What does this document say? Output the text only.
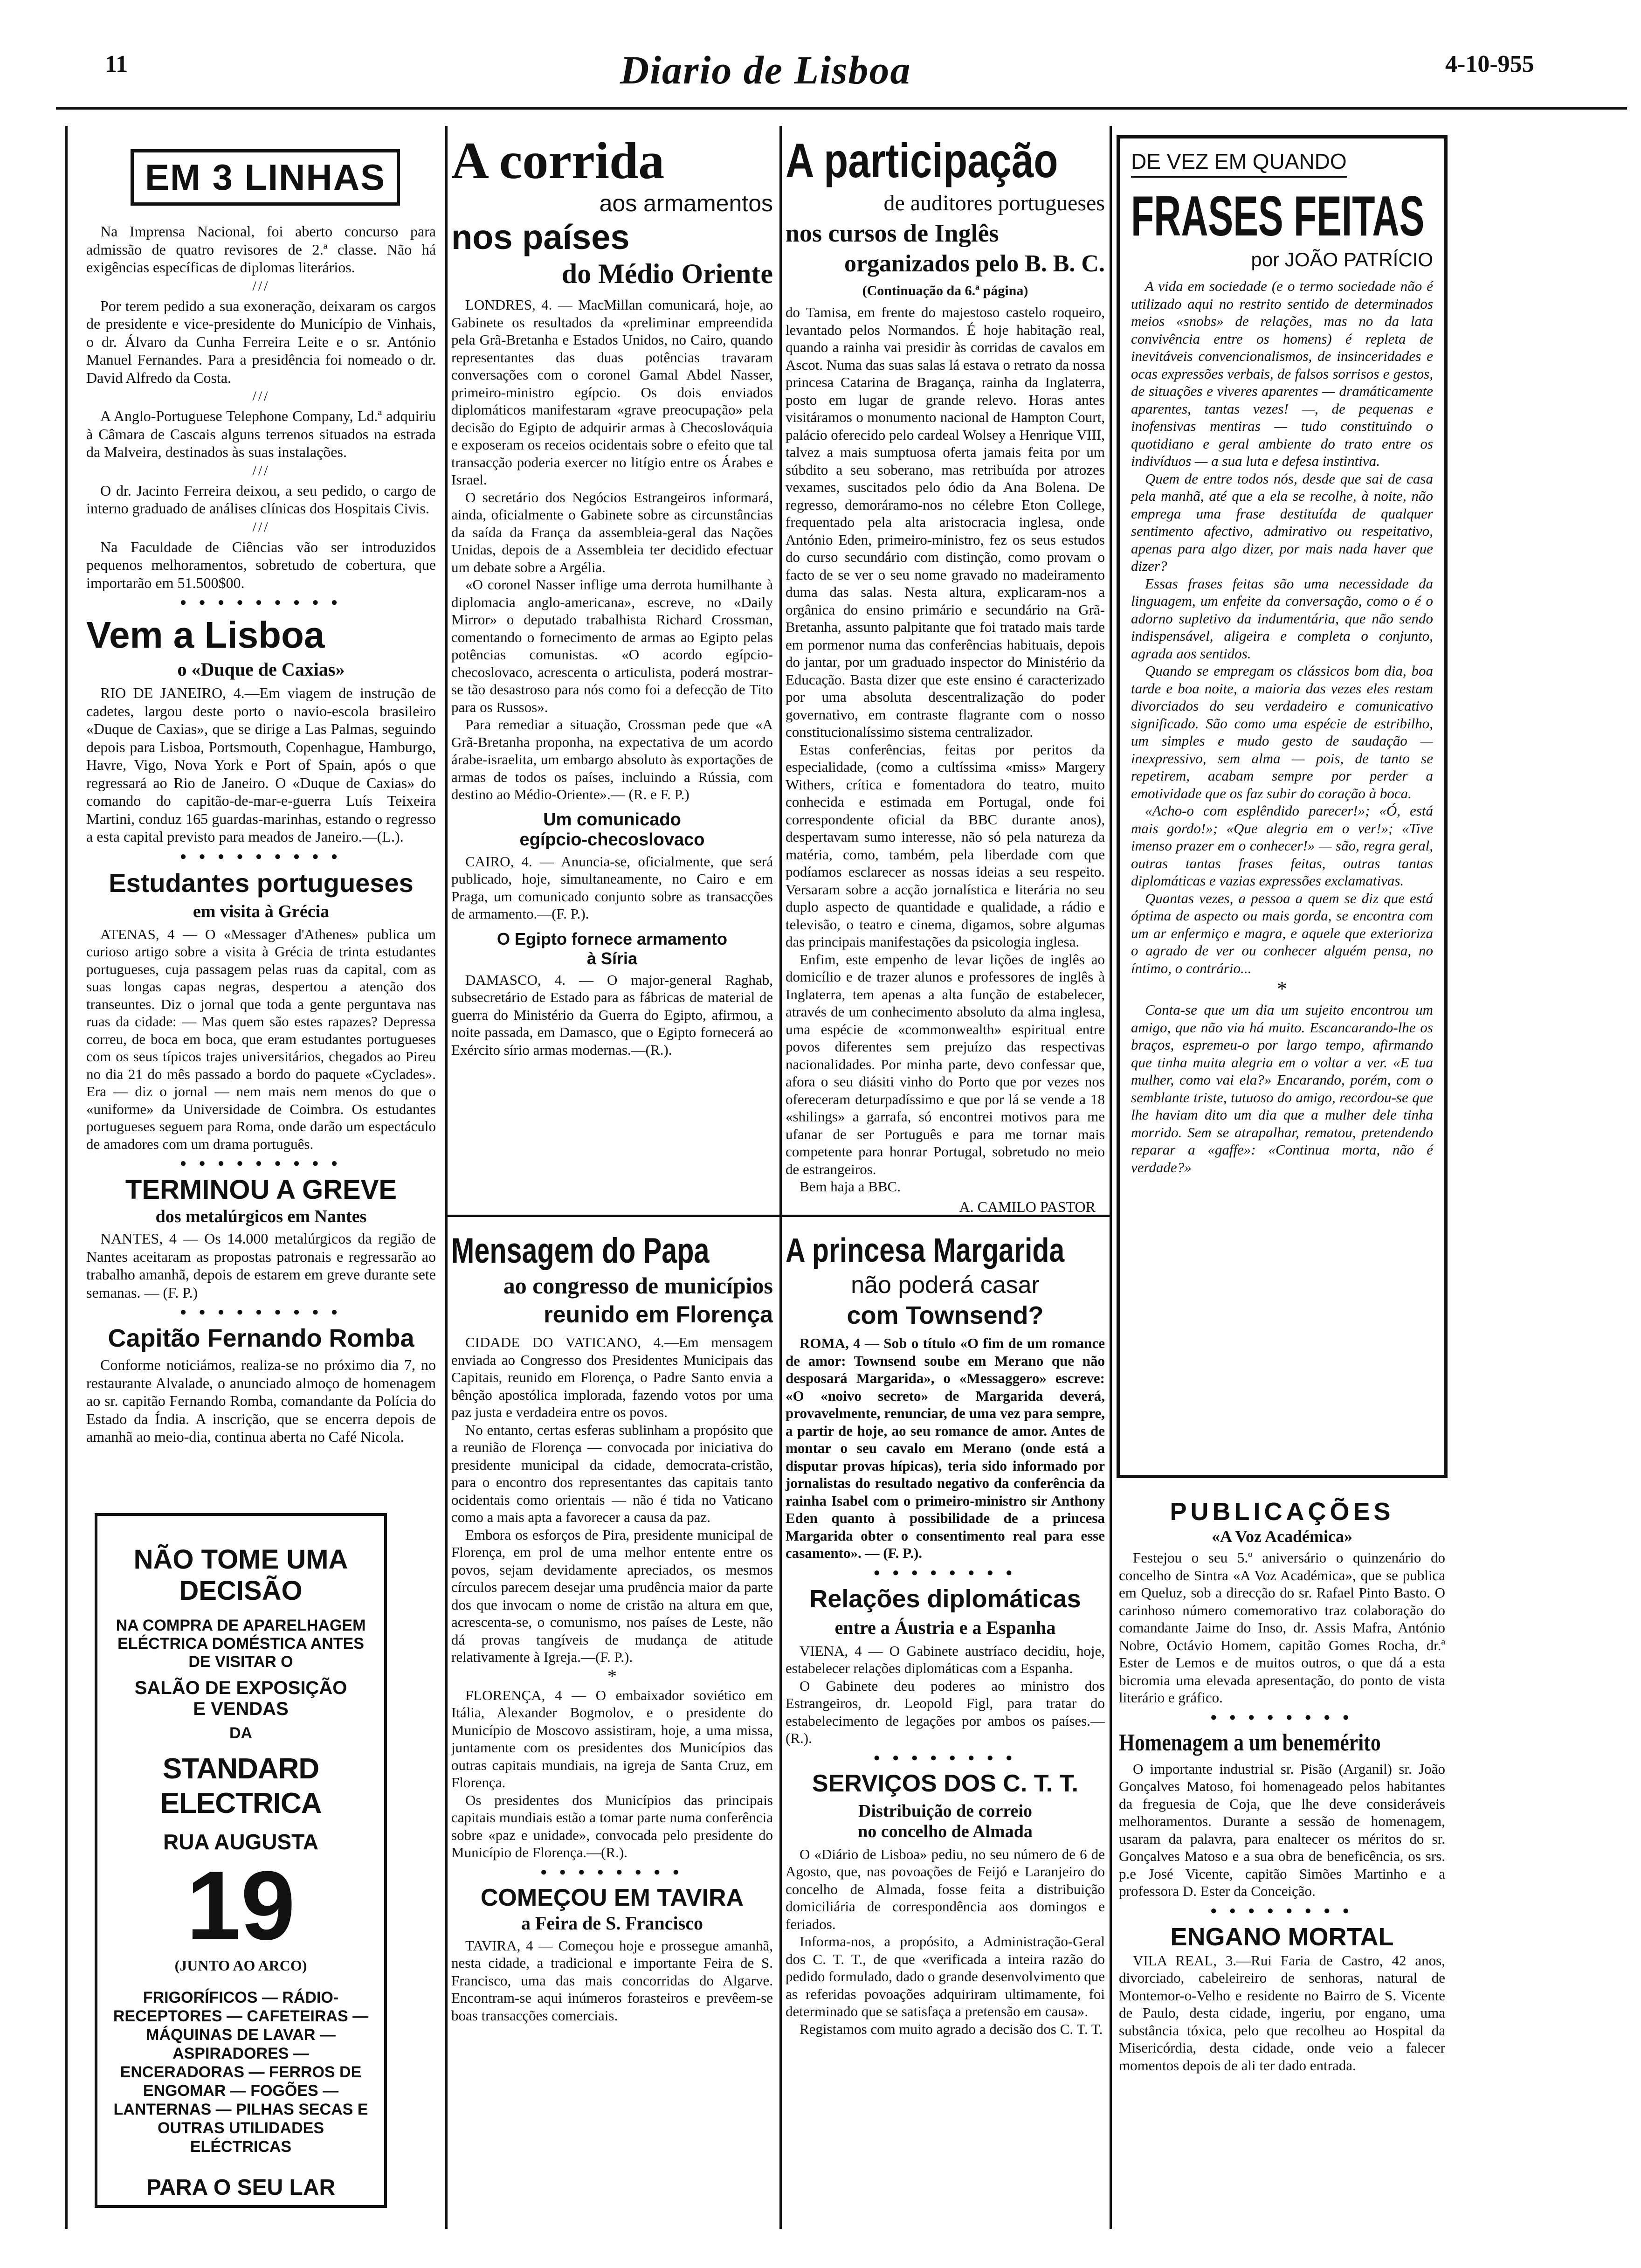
11	Diario de Lisboa	4-10-955
EM 3 LINHAS

Na Imprensa Nacional, foi aberto concurso para admissão de quatro revisores de 2.ª classe. Não há exigências específicas de diplomas literários.

///

Por terem pedido a sua exoneração, deixaram os cargos de presidente e vice-presidente do Município de Vinhais, o dr. Álvaro da Cunha Ferreira Leite e o sr. António Manuel Fernandes. Para a presidência foi nomeado o dr. David Alfredo da Costa.

///

A Anglo-Portuguese Telephone Company, Ld.ª adquiriu à Câmara de Cascais alguns terrenos situados na estrada da Malveira, destinados às suas instalações.

///

O dr. Jacinto Ferreira deixou, a seu pedido, o cargo de interno graduado de análises clínicas dos Hospitais Civis.

///

Na Faculdade de Ciências vão ser introduzidos pequenos melhoramentos, sobretudo de cobertura, que importarão em 51.500$00.

● ● ● ● ● ● ● ● ●
Vem a Lisboa
o «Duque de Caxias»

RIO DE JANEIRO, 4.—Em viagem de instrução de cadetes, largou deste porto o navio-escola brasileiro «Duque de Caxias», que se dirige a Las Palmas, seguindo depois para Lisboa, Portsmouth, Copenhague, Hamburgo, Havre, Vigo, Nova York e Port of Spain, após o que regressará ao Rio de Janeiro. O «Duque de Caxias» do comando do capitão-de-mar-e-guerra Luís Teixeira Martini, conduz 165 guardas-marinhas, estando o regresso a esta capital previsto para meados de Janeiro.—(L.).

● ● ● ● ● ● ● ● ●
Estudantes portugueses
em visita à Grécia

ATENAS, 4 — O «Messager d'Athenes» publica um curioso artigo sobre a visita à Grécia de trinta estudantes portugueses, cuja passagem pelas ruas da capital, com as suas longas capas negras, despertou a atenção dos transeuntes. Diz o jornal que toda a gente perguntava nas ruas da cidade: — Mas quem são estes rapazes? Depressa correu, de boca em boca, que eram estudantes portugueses com os seus típicos trajes universitários, chegados ao Pireu no dia 21 do mês passado a bordo do paquete «Cyclades». Era — diz o jornal — nem mais nem menos do que o «uniforme» da Universidade de Coimbra. Os estudantes portugueses seguem para Roma, onde darão um espectáculo de amadores com um drama português.

● ● ● ● ● ● ● ● ●
TERMINOU A GREVE
dos metalúrgicos em Nantes

NANTES, 4 — Os 14.000 metalúrgicos da região de Nantes aceitaram as propostas patronais e regressarão ao trabalho amanhã, depois de estarem em greve durante sete semanas. — (F. P.)

● ● ● ● ● ● ● ● ●
Capitão Fernando Romba

Conforme noticiámos, realiza-se no próximo dia 7, no restaurante Alvalade, o anunciado almoço de homenagem ao sr. capitão Fernando Romba, comandante da Polícia do Estado da Índia. A inscrição, que se encerra depois de amanhã ao meio-dia, continua aberta no Café Nicola.

NÃO TOME UMA DECISÃO
NA COMPRA DE APARELHAGEM
ELÉCTRICA DOMÉSTICA ANTES
DE VISITAR O
SALÃO DE EXPOSIÇÃO
E VENDAS
DA
STANDARD ELECTRICA
RUA AUGUSTA
19
(JUNTO AO ARCO)
FRIGORÍFICOS — RÁDIO-RECEPTORES — CAFETEIRAS — MÁQUINAS DE LAVAR — ASPIRADORES — ENCERADORAS — FERROS DE ENGOMAR — FOGÕES — LANTERNAS — PILHAS SECAS E OUTRAS UTILIDADES ELÉCTRICAS
PARA O SEU LAR
A corrida
aos armamentos
nos países
do Médio Oriente

LONDRES, 4. — MacMillan comunicará, hoje, ao Gabinete os resultados da «preliminar empreendida pela Grã-Bretanha e Estados Unidos, no Cairo, quando representantes das duas potências travaram conversações com o coronel Gamal Abdel Nasser, primeiro-ministro egípcio. Os dois enviados diplomáticos manifestaram «grave preocupação» pela decisão do Egipto de adquirir armas à Checoslováquia e exposeram os receios ocidentais sobre o efeito que tal transacção poderia exercer no litígio entre os Árabes e Israel.

O secretário dos Negócios Estrangeiros informará, ainda, oficialmente o Gabinete sobre as circunstâncias da saída da França da assembleia-geral das Nações Unidas, depois de a Assembleia ter decidido efectuar um debate sobre a Argélia.

«O coronel Nasser inflige uma derrota humilhante à diplomacia anglo-americana», escreve, no «Daily Mirror» o deputado trabalhista Richard Crossman, comentando o fornecimento de armas ao Egipto pelas potências comunistas. «O acordo egípcio-checoslovaco, acrescenta o articulista, poderá mostrar-se tão desastroso para nós como foi a defecção de Tito para os Russos».

Para remediar a situação, Crossman pede que «A Grã-Bretanha proponha, na expectativa de um acordo árabe-israelita, um embargo absoluto às exportações de armas de todos os países, incluindo a Rússia, com destino ao Médio-Oriente».— (R. e F. P.)

Um comunicado
egípcio-checoslovaco

CAIRO, 4. — Anuncia-se, oficialmente, que será publicado, hoje, simultaneamente, no Cairo e em Praga, um comunicado conjunto sobre as transacções de armamento.—(F. P.).

O Egipto fornece armamento
à Síria

DAMASCO, 4. — O major-general Raghab, subsecretário de Estado para as fábricas de material de guerra do Ministério da Guerra do Egipto, afirmou, a noite passada, em Damasco, que o Egipto fornecerá ao Exército sírio armas modernas.—(R.).

Mensagem do Papa
ao congresso de municípios
reunido em Florença

CIDADE DO VATICANO, 4.—Em mensagem enviada ao Congresso dos Presidentes Municipais das Capitais, reunido em Florença, o Padre Santo envia a bênção apostólica implorada, fazendo votos por uma paz justa e verdadeira entre os povos.

No entanto, certas esferas sublinham a propósito que a reunião de Florença — convocada por iniciativa do presidente municipal da cidade, democrata-cristão, para o encontro dos representantes das capitais tanto ocidentais como orientais — não é tida no Vaticano como a mais apta a favorecer a causa da paz.

Embora os esforços de Pira, presidente municipal de Florença, em prol de uma melhor entente entre os povos, sejam devidamente apreciados, os mesmos círculos parecem desejar uma prudência maior da parte dos que invocam o nome de cristão na altura em que, acrescenta-se, o comunismo, nos países de Leste, não dá provas tangíveis de mudança de atitude relativamente à Igreja.—(F. P.).

*

FLORENÇA, 4 — O embaixador soviético em Itália, Alexander Bogmolov, e o presidente do Município de Moscovo assistiram, hoje, a uma missa, juntamente com os presidentes dos Municípios das outras capitais mundiais, na igreja de Santa Cruz, em Florença.

Os presidentes dos Municípios das principais capitais mundiais estão a tomar parte numa conferência sobre «paz e unidade», convocada pelo presidente do Município de Florença.—(R.).

● ● ● ● ● ● ● ●
COMEÇOU EM TAVIRA
a Feira de S. Francisco

TAVIRA, 4 — Começou hoje e prossegue amanhã, nesta cidade, a tradicional e importante Feira de S. Francisco, uma das mais concorridas do Algarve. Encontram-se aqui inúmeros forasteiros e prevêem-se boas transacções comerciais.

A participação
de auditores portugueses
nos cursos de Inglês
organizados pelo B. B. C.
(Continuação da 6.ª página)

do Tamisa, em frente do majestoso castelo roqueiro, levantado pelos Normandos. É hoje habitação real, quando a rainha vai presidir às corridas de cavalos em Ascot. Numa das suas salas lá estava o retrato da nossa princesa Catarina de Bragança, rainha da Inglaterra, posto em lugar de grande relevo. Horas antes visitáramos o monumento nacional de Hampton Court, palácio oferecido pelo cardeal Wolsey a Henrique VIII, talvez a mais sumptuosa oferta jamais feita por um súbdito a seu soberano, mas retribuída por atrozes vexames, suscitados pelo ódio da Ana Bolena. De regresso, demoráramo-nos no célebre Eton College, frequentado pela alta aristocracia inglesa, onde António Eden, primeiro-ministro, fez os seus estudos do curso secundário com distinção, como provam o facto de se ver o seu nome gravado no madeiramento duma das salas. Nesta altura, explicaram-nos a orgânica do ensino primário e secundário na Grã-Bretanha, assunto palpitante que foi tratado mais tarde em pormenor numa das conferências habituais, depois do jantar, por um graduado inspector do Ministério da Educação. Basta dizer que este ensino é caracterizado por uma absoluta descentralização do poder governativo, em contraste flagrante com o nosso constitucionalíssimo sistema centralizador.

Estas conferências, feitas por peritos da especialidade, (como a cultíssima «miss» Margery Withers, crítica e fomentadora do teatro, muito conhecida e estimada em Portugal, onde foi correspondente oficial da BBC durante anos), despertavam sumo interesse, não só pela natureza da matéria, como, também, pela liberdade com que podíamos esclarecer as nossas ideias a seu respeito. Versaram sobre a acção jornalística e literária no seu duplo aspecto de quantidade e qualidade, a rádio e televisão, o teatro e cinema, digamos, sobre algumas das principais manifestações da psicologia inglesa.

Enfim, este empenho de levar lições de inglês ao domicílio e de trazer alunos e professores de inglês à Inglaterra, tem apenas a alta função de estabelecer, através de um conhecimento absoluto da alma inglesa, uma espécie de «commonwealth» espiritual entre povos diferentes sem prejuízo das respectivas nacionalidades. Por minha parte, devo confessar que, afora o seu diásiti vinho do Porto que por vezes nos ofereceram deturpadíssimo e que por lá se vende a 18 «shilings» a garrafa, só encontrei motivos para me ufanar de ser Português e para me tornar mais competente para honrar Portugal, sobretudo no meio de estrangeiros.

Bem haja a BBC.

A. CAMILO PASTOR
A princesa Margarida
não poderá casar
com Townsend?

ROMA, 4 — Sob o título «O fim de um romance de amor: Townsend soube em Merano que não desposará Margarida», o «Messaggero» escreve: «O «noivo secreto» de Margarida deverá, provavelmente, renunciar, de uma vez para sempre, a partir de hoje, ao seu romance de amor. Antes de montar o seu cavalo em Merano (onde está a disputar provas hípicas), teria sido informado por jornalistas do resultado negativo da conferência da rainha Isabel com o primeiro-ministro sir Anthony Eden quanto à possibilidade de a princesa Margarida obter o consentimento real para esse casamento». — (F. P.).

● ● ● ● ● ● ● ●
Relações diplomáticas
entre a Áustria e a Espanha

VIENA, 4 — O Gabinete austríaco decidiu, hoje, estabelecer relações diplomáticas com a Espanha.

O Gabinete deu poderes ao ministro dos Estrangeiros, dr. Leopold Figl, para tratar do estabelecimento de legações por ambos os países.—(R.).

● ● ● ● ● ● ● ●
SERVIÇOS DOS C. T. T.
Distribuição de correio
no concelho de Almada

O «Diário de Lisboa» pediu, no seu número de 6 de Agosto, que, nas povoações de Feijó e Laranjeiro do concelho de Almada, fosse feita a distribuição domiciliária de correspondência aos domingos e feriados.

Informa-nos, a propósito, a Administração-Geral dos C. T. T., de que «verificada a inteira razão do pedido formulado, dado o grande desenvolvimento que as referidas povoações adquiriram ultimamente, foi determinado que se satisfaça a pretensão em causa».

Registamos com muito agrado a decisão dos C. T. T.

DE VEZ EM QUANDO
FRASES FEITAS
por JOÃO PATRÍCIO

A vida em sociedade (e o termo sociedade não é utilizado aqui no restrito sentido de determinados meios «snobs» de relações, mas no da lata convivência entre os homens) é repleta de inevitáveis convencionalismos, de insinceridades e ocas expressões verbais, de falsos sorrisos e gestos, de situações e viveres aparentes — dramáticamente aparentes, tantas vezes! —, de pequenas e inofensivas mentiras — tudo constituindo o quotidiano e geral ambiente do trato entre os indivíduos — a sua luta e defesa instintiva.

Quem de entre todos nós, desde que sai de casa pela manhã, até que a ela se recolhe, à noite, não emprega uma frase destituída de qualquer sentimento afectivo, admirativo ou respeitativo, apenas para algo dizer, por mais nada haver que dizer?

Essas frases feitas são uma necessidade da linguagem, um enfeite da conversação, como o é o adorno supletivo da indumentária, que não sendo indispensável, aligeira e completa o conjunto, agrada aos sentidos.

Quando se empregam os clássicos bom dia, boa tarde e boa noite, a maioria das vezes eles restam divorciados do seu verdadeiro e comunicativo significado. São como uma espécie de estribilho, um simples e mudo gesto de saudação — inexpressivo, sem alma — pois, de tanto se repetirem, acabam sempre por perder a emotividade que os faz subir do coração à boca.

«Acho-o com esplêndido parecer!»; «Ó, está mais gordo!»; «Que alegria em o ver!»; «Tive imenso prazer em o conhecer!» — são, regra geral, outras tantas frases feitas, outras tantas diplomáticas e vazias expressões exclamativas.

Quantas vezes, a pessoa a quem se diz que está óptima de aspecto ou mais gorda, se encontra com um ar enfermiço e magra, e aquele que exterioriza o agrado de ver ou conhecer alguém pensa, no íntimo, o contrário...

*

Conta-se que um dia um sujeito encontrou um amigo, que não via há muito. Escancarando-lhe os braços, espremeu-o por largo tempo, afirmando que tinha muita alegria em o voltar a ver. «E tua mulher, como vai ela?» Encarando, porém, com o semblante triste, tutuoso do amigo, recordou-se que lhe haviam dito um dia que a mulher dele tinha morrido. Sem se atrapalhar, rematou, pretendendo reparar a «gaffe»: «Continua morta, não é verdade?»

PUBLICAÇÕES
«A Voz Académica»

Festejou o seu 5.º aniversário o quinzenário do concelho de Sintra «A Voz Académica», que se publica em Queluz, sob a direcção do sr. Rafael Pinto Basto. O carinhoso número comemorativo traz colaboração do comandante Jaime do Inso, dr. Assis Mafra, António Nobre, Octávio Homem, capitão Gomes Rocha, dr.ª Ester de Lemos e de muitos outros, o que dá a esta bicromia uma elevada apresentação, do ponto de vista literário e gráfico.

● ● ● ● ● ● ● ●
Homenagem a um benemérito

O importante industrial sr. Pisão (Arganil) sr. João Gonçalves Matoso, foi homenageado pelos habitantes da freguesia de Coja, que lhe deve consideráveis melhoramentos. Durante a sessão de homenagem, usaram da palavra, para enaltecer os méritos do sr. Gonçalves Matoso e a sua obra de beneficência, os srs. p.e José Vicente, capitão Simões Martinho e a professora D. Ester da Conceição.

● ● ● ● ● ● ● ●
ENGANO MORTAL

VILA REAL, 3.—Rui Faria de Castro, 42 anos, divorciado, cabeleireiro de senhoras, natural de Montemor-o-Velho e residente no Bairro de S. Vicente de Paulo, desta cidade, ingeriu, por engano, uma substância tóxica, pelo que recolheu ao Hospital da Misericórdia, desta cidade, onde veio a falecer momentos depois de ali ter dado entrada.
